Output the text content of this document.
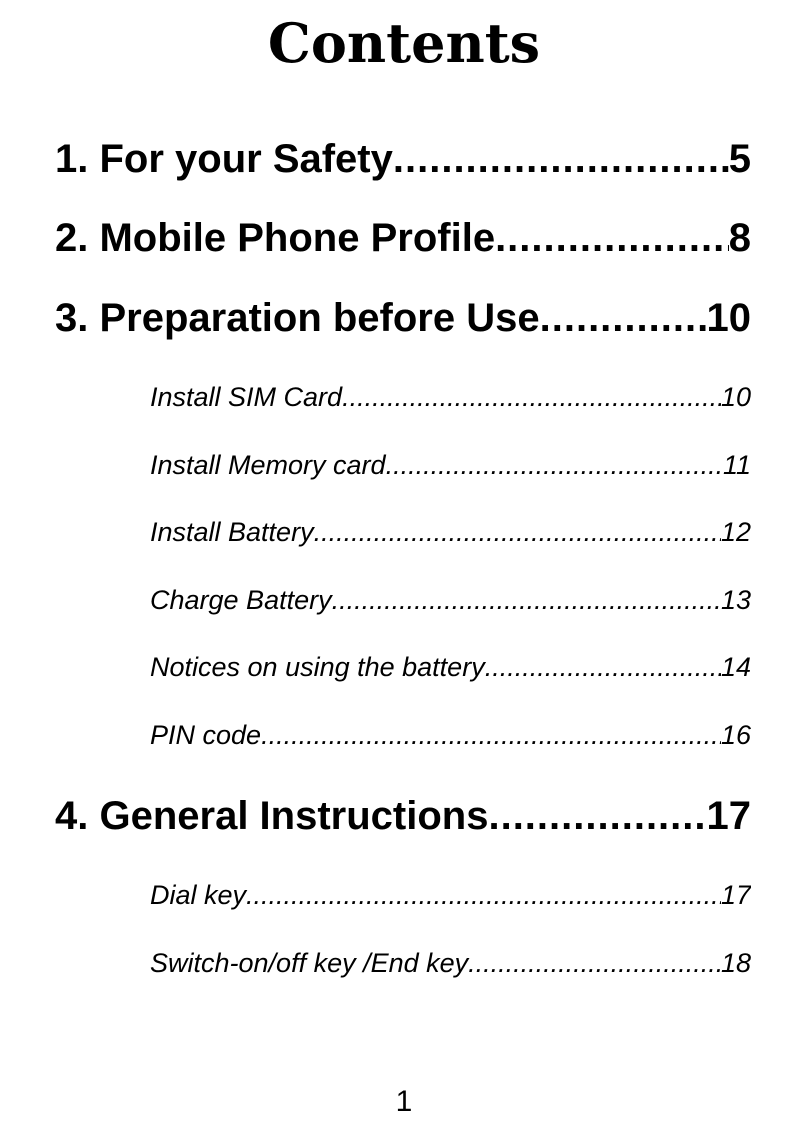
Contents
1. For your Safety .....	5
2. Mobile Phone Profile .....	8
3. Preparation before Use .....	10
Install SIM Card .....	10
Install Memory card .....	11
Install Battery .....	12
Charge Battery .....	13
Notices on using the battery .....	14
PIN code .....	16
4. General Instructions .....	17
Dial key .....	17
Switch-on/off key /End key .....	18
1
